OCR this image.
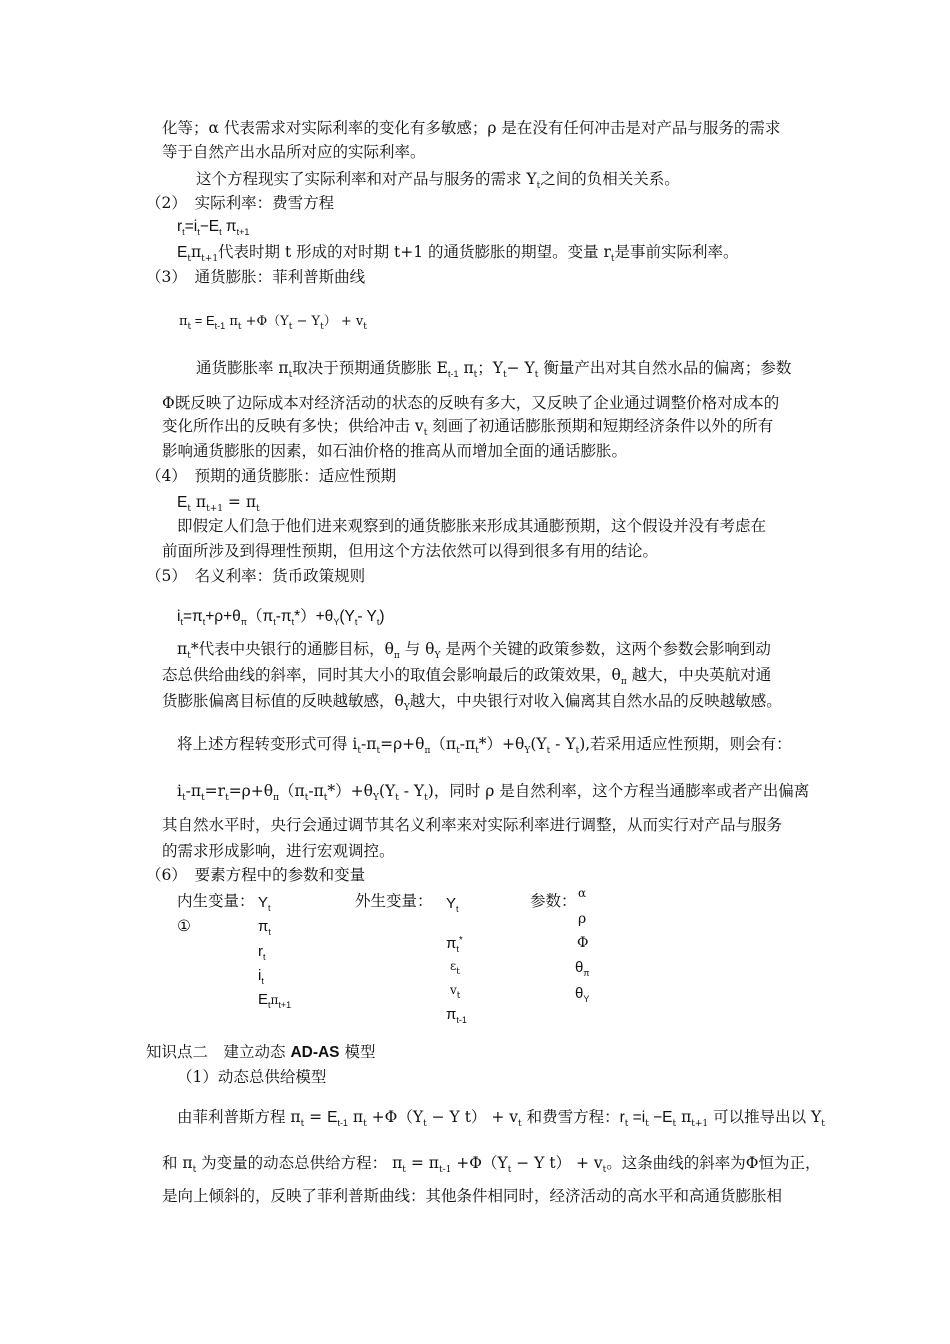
化等；α 代表需求对实际利率的变化有多敏感；ρ 是在没有任何冲击是对产品与服务的需求
等于自然产出水品所对应的实际利率。
这个方程现实了实际利率和对产品与服务的需求 $Y_t$之间的负相关关系。
（2）　实际利率：费雪方程
$r_t=i_t-E_t$ $\pi_{t+1}$
$E_t\pi_{t+1}$代表时期 t 形成的对时期 t+1 的通货膨胀的期望。变量 $r_t$是事前实际利率。
（3）　通货膨胀：菲利普斯曲线
$\pi_t = E_{t-1}$ $\pi_t +\Phi(Y_t - Y_t) + v_t$
通货膨胀率 $\pi_t$取决于预期通货膨胀 $E_{t-1}$ $\pi_t$；$Y_t- Y_t$ 衡量产出对其自然水品的偏离；参数
Φ既反映了边际成本对经济活动的状态的反映有多大，又反映了企业通过调整价格对成本的
变化所作出的反映有多快；供给冲击 $v_t$ 刻画了初通话膨胀预期和短期经济条件以外的所有
影响通货膨胀的因素，如石油价格的推高从而增加全面的通话膨胀。
（4）　预期的通货膨胀：适应性预期
$E_t$ $\pi_{t+1} = \pi_t$
即假定人们急于他们进来观察到的通货膨胀来形成其通膨预期，这个假设并没有考虑在
前面所涉及到得理性预期，但用这个方法依然可以得到很多有用的结论。
（5）　名义利率：货币政策规则
$i_t=\pi_t+\rho+\theta_\pi(\pi_t-\pi_t*)+\theta_Y(Y_t-$ $Y_t$)
$\pi_t*$代表中央银行的通膨目标，$\theta_\pi$ 与 $\theta_Y$ 是两个关键的政策参数，这两个参数会影响到动
态总供给曲线的斜率，同时其大小的取值会影响最后的政策效果，$\theta_\pi$ 越大，中央英航对通
货膨胀偏离目标值的反映越敏感，$\theta_Y$越大，中央银行对收入偏离其自然水品的反映越敏感。
将上述方程转变形式可得 $i_t-\pi_t=\rho+\theta_\pi(\pi_t-\pi_t*)+\theta_Y(Y_t - Y_t)$,若采用适应性预期，则会有：
$i_t-\pi_t=r_t=\rho+\theta_\pi(\pi_t-\pi_t*)+\theta_Y(Y_t - Y_t)$，同时 ρ 是自然利率，这个方程当通膨率或者产出偏离
其自然水平时，央行会通过调节其名义利率来对实际利率进行调整，从而实行对产品与服务
的需求形成影响，进行宏观调控。
（6）　要素方程中的参数和变量
内生变量：	外生变量：	参数：
①
$Y_t$
$\pi_t$
$r_t$
$i_t$
$E_t\pi_{t+1}$
$Y_t$
$\pi_t^*$
$\varepsilon_t$
$v_t$
$\pi_{t-1}$
α
ρ
Φ
$\theta_\pi$
$\theta_Y$
知识点二　建立动态 AD-AS 模型
（1）动态总供给模型
由菲利普斯方程 $\pi_t = E_{t-1}$ $\pi_t +\Phi(Y_t - Y$ $t) + v_t$ 和费雪方程：$r_t =i_t -E_t$ $\pi_{t+1}$ 可以推导出以 $Y_t$
和 $\pi_t$ 为变量的动态总供给方程： $\pi_t = \pi_{t-1} +\Phi(Y_t - Y$ $t) + v_t$。这条曲线的斜率为Φ恒为正，
是向上倾斜的，反映了菲利普斯曲线：其他条件相同时，经济活动的高水平和高通货膨胀相
